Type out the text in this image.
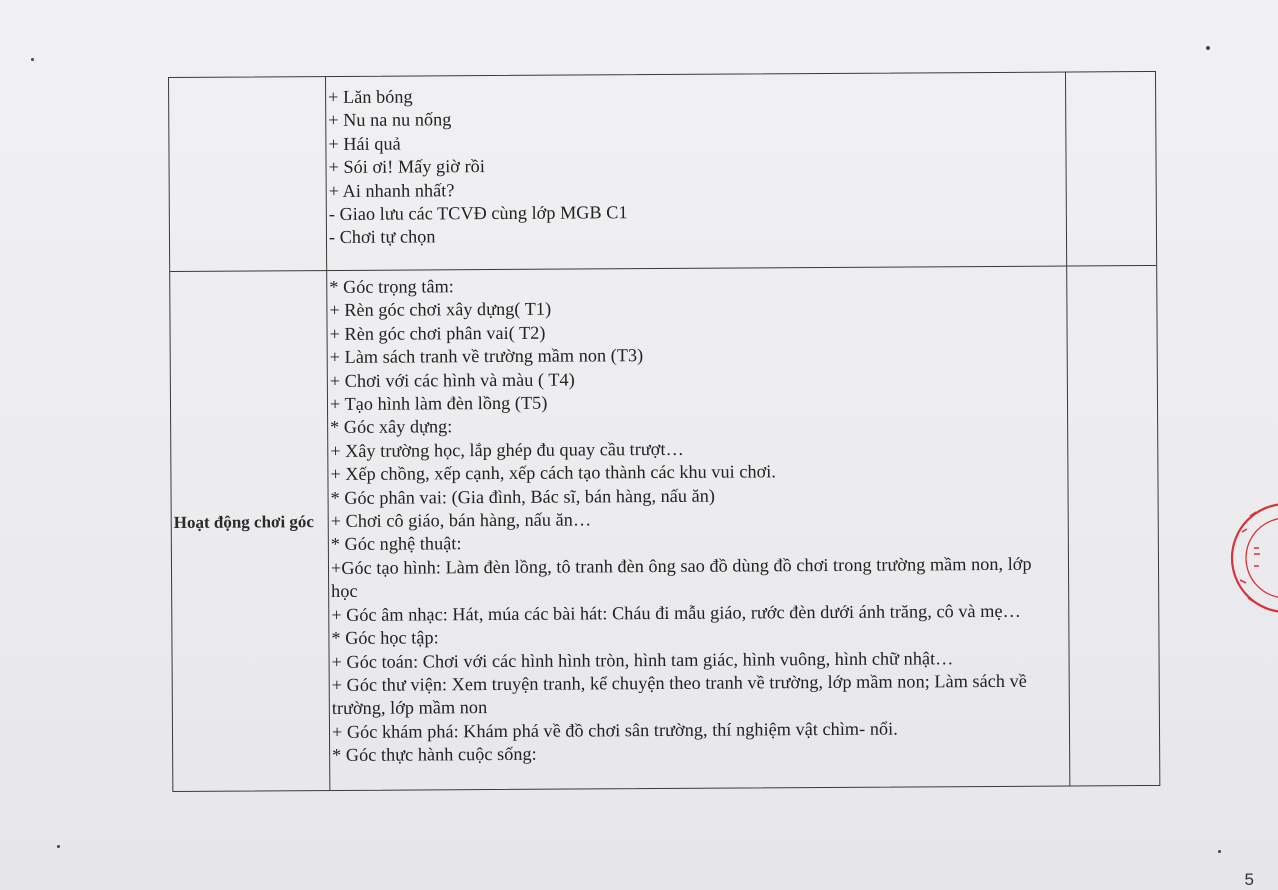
+ Lăn bóng
+ Nu na nu nống
+ Hái quả
+ Sói ơi! Mấy giờ rồi
+ Ai nhanh nhất?
- Giao lưu các TCVĐ cùng lớp MGB C1
- Chơi tự chọn
Hoạt động chơi góc
* Góc trọng tâm:
+ Rèn góc chơi xây dựng( T1)
+ Rèn góc chơi phân vai( T2)
+ Làm sách tranh về trường mầm non (T3)
+ Chơi với các hình và màu ( T4)
+ Tạo hình làm đèn lồng (T5)
* Góc xây dựng:
+ Xây trường học, lắp ghép đu quay cầu trượt…
+ Xếp chồng, xếp cạnh, xếp cách tạo thành các khu vui chơi.
* Góc phân vai: (Gia đình, Bác sĩ, bán hàng, nấu ăn)
+ Chơi cô giáo, bán hàng, nấu ăn…
* Góc nghệ thuật:
+Góc tạo hình: Làm đèn lồng, tô tranh đèn ông sao đồ dùng đồ chơi trong trường mầm non, lớp học
+ Góc âm nhạc: Hát, múa các bài hát: Cháu đi mẫu giáo, rước đèn dưới ánh trăng, cô và mẹ…
* Góc học tập:
+ Góc toán: Chơi với các hình hình tròn, hình tam giác, hình vuông, hình chữ nhật…
+ Góc thư viện: Xem truyện tranh, kể chuyện theo tranh về trường, lớp mầm non; Làm sách về trường, lớp mầm non
+ Góc khám phá: Khám phá về đồ chơi sân trường, thí nghiệm vật chìm- nổi.
* Góc thực hành cuộc sống:
5
